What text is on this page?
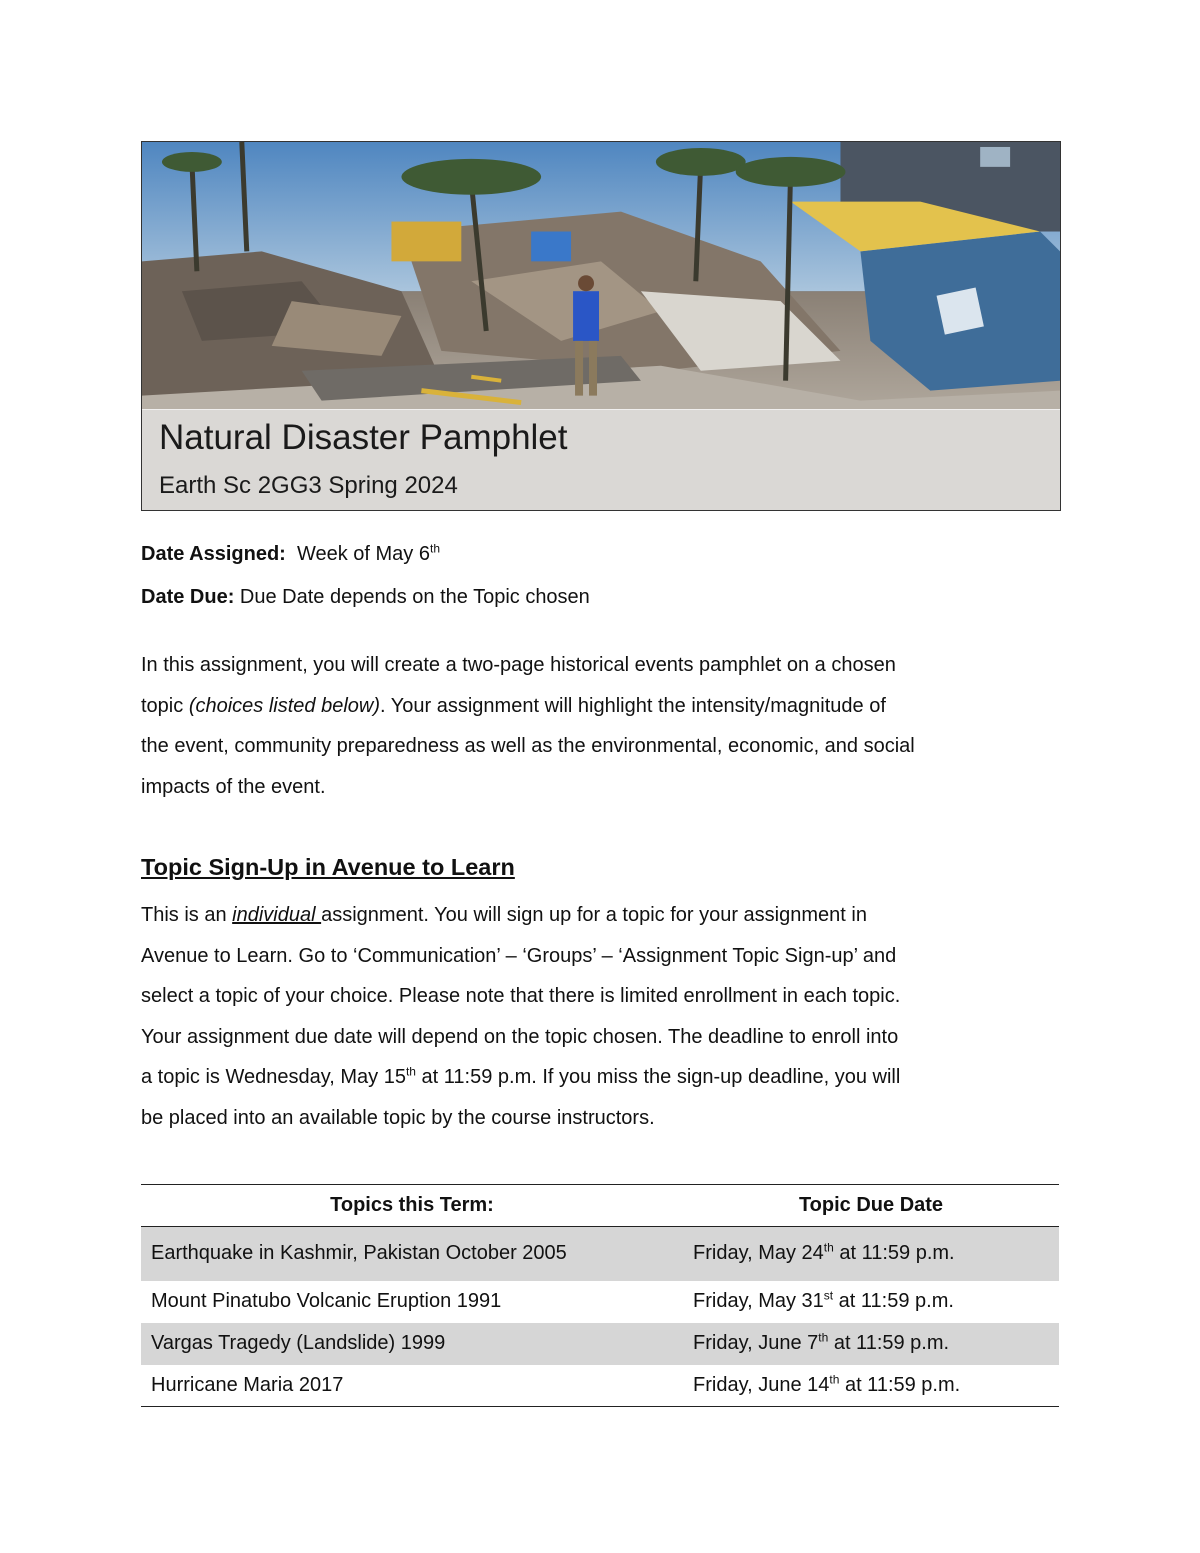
Natural Disaster Pamphlet

Earth Sc 2GG3 Spring 2024

Date Assigned: Week of May 6th
Date Due: Due Date depends on the Topic chosen

In this assignment, you will create a two-page historical events pamphlet on a chosen
topic (choices listed below). Your assignment will highlight the intensity/magnitude of
the event, community preparedness as well as the environmental, economic, and social
impacts of the event.

Topic Sign-Up in Avenue to Learn

This is an individual assignment. You will sign up for a topic for your assignment in
Avenue to Learn. Go to ‘Communication’ – ‘Groups’ – ‘Assignment Topic Sign-up’ and
select a topic of your choice. Please note that there is limited enrollment in each topic.
Your assignment due date will depend on the topic chosen. The deadline to enroll into
a topic is Wednesday, May 15th at 11:59 p.m. If you miss the sign-up deadline, you will
be placed into an available topic by the course instructors.

Topics this Term:	Topic Due Date
Earthquake in Kashmir, Pakistan October 2005	Friday, May 24th at 11:59 p.m.
Mount Pinatubo Volcanic Eruption 1991	Friday, May 31st at 11:59 p.m.
Vargas Tragedy (Landslide) 1999	Friday, June 7th at 11:59 p.m.
Hurricane Maria 2017	Friday, June 14th at 11:59 p.m.
